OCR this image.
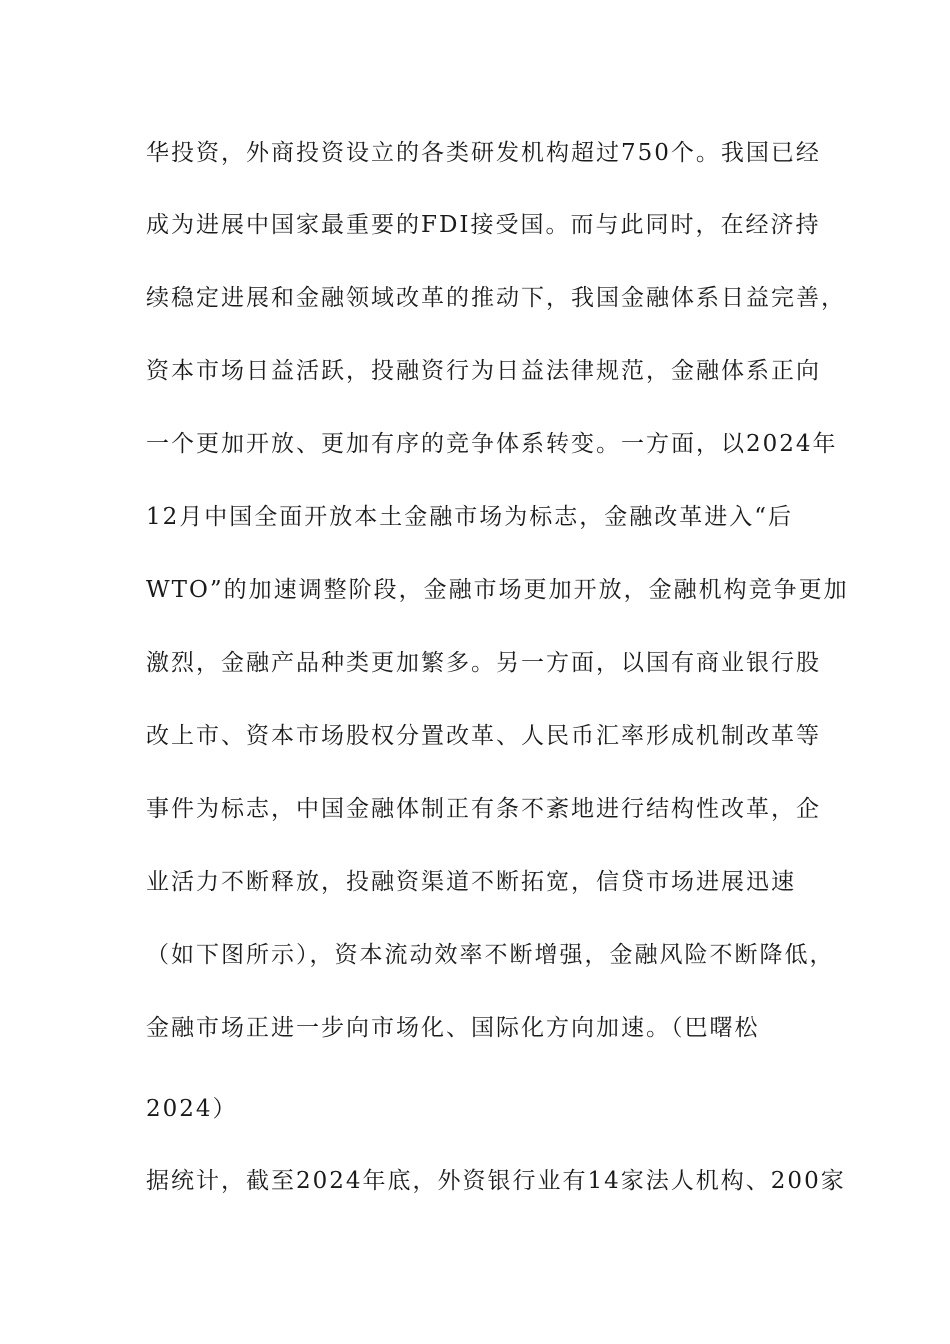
华投资，外商投资设立的各类研发机构超过750个。我国已经
成为进展中国家最重要的FDI接受国。而与此同时，在经济持
续稳定进展和金融领域改革的推动下，我国金融体系日益完善，
资本市场日益活跃，投融资行为日益法律规范，金融体系正向
一个更加开放、更加有序的竞争体系转变。一方面，以2024年
12月中国全面开放本土金融市场为标志，金融改革进入“后
WTO”的加速调整阶段，金融市场更加开放，金融机构竞争更加
激烈，金融产品种类更加繁多。另一方面，以国有商业银行股
改上市、资本市场股权分置改革、人民币汇率形成机制改革等
事件为标志，中国金融体制正有条不紊地进行结构性改革，企
业活力不断释放，投融资渠道不断拓宽，信贷市场进展迅速
（如下图所示），资本流动效率不断增强，金融风险不断降低，
金融市场正进一步向市场化、国际化方向加速。（巴曙松
2024）
据统计，截至2024年底，外资银行业有14家法人机构、200家
